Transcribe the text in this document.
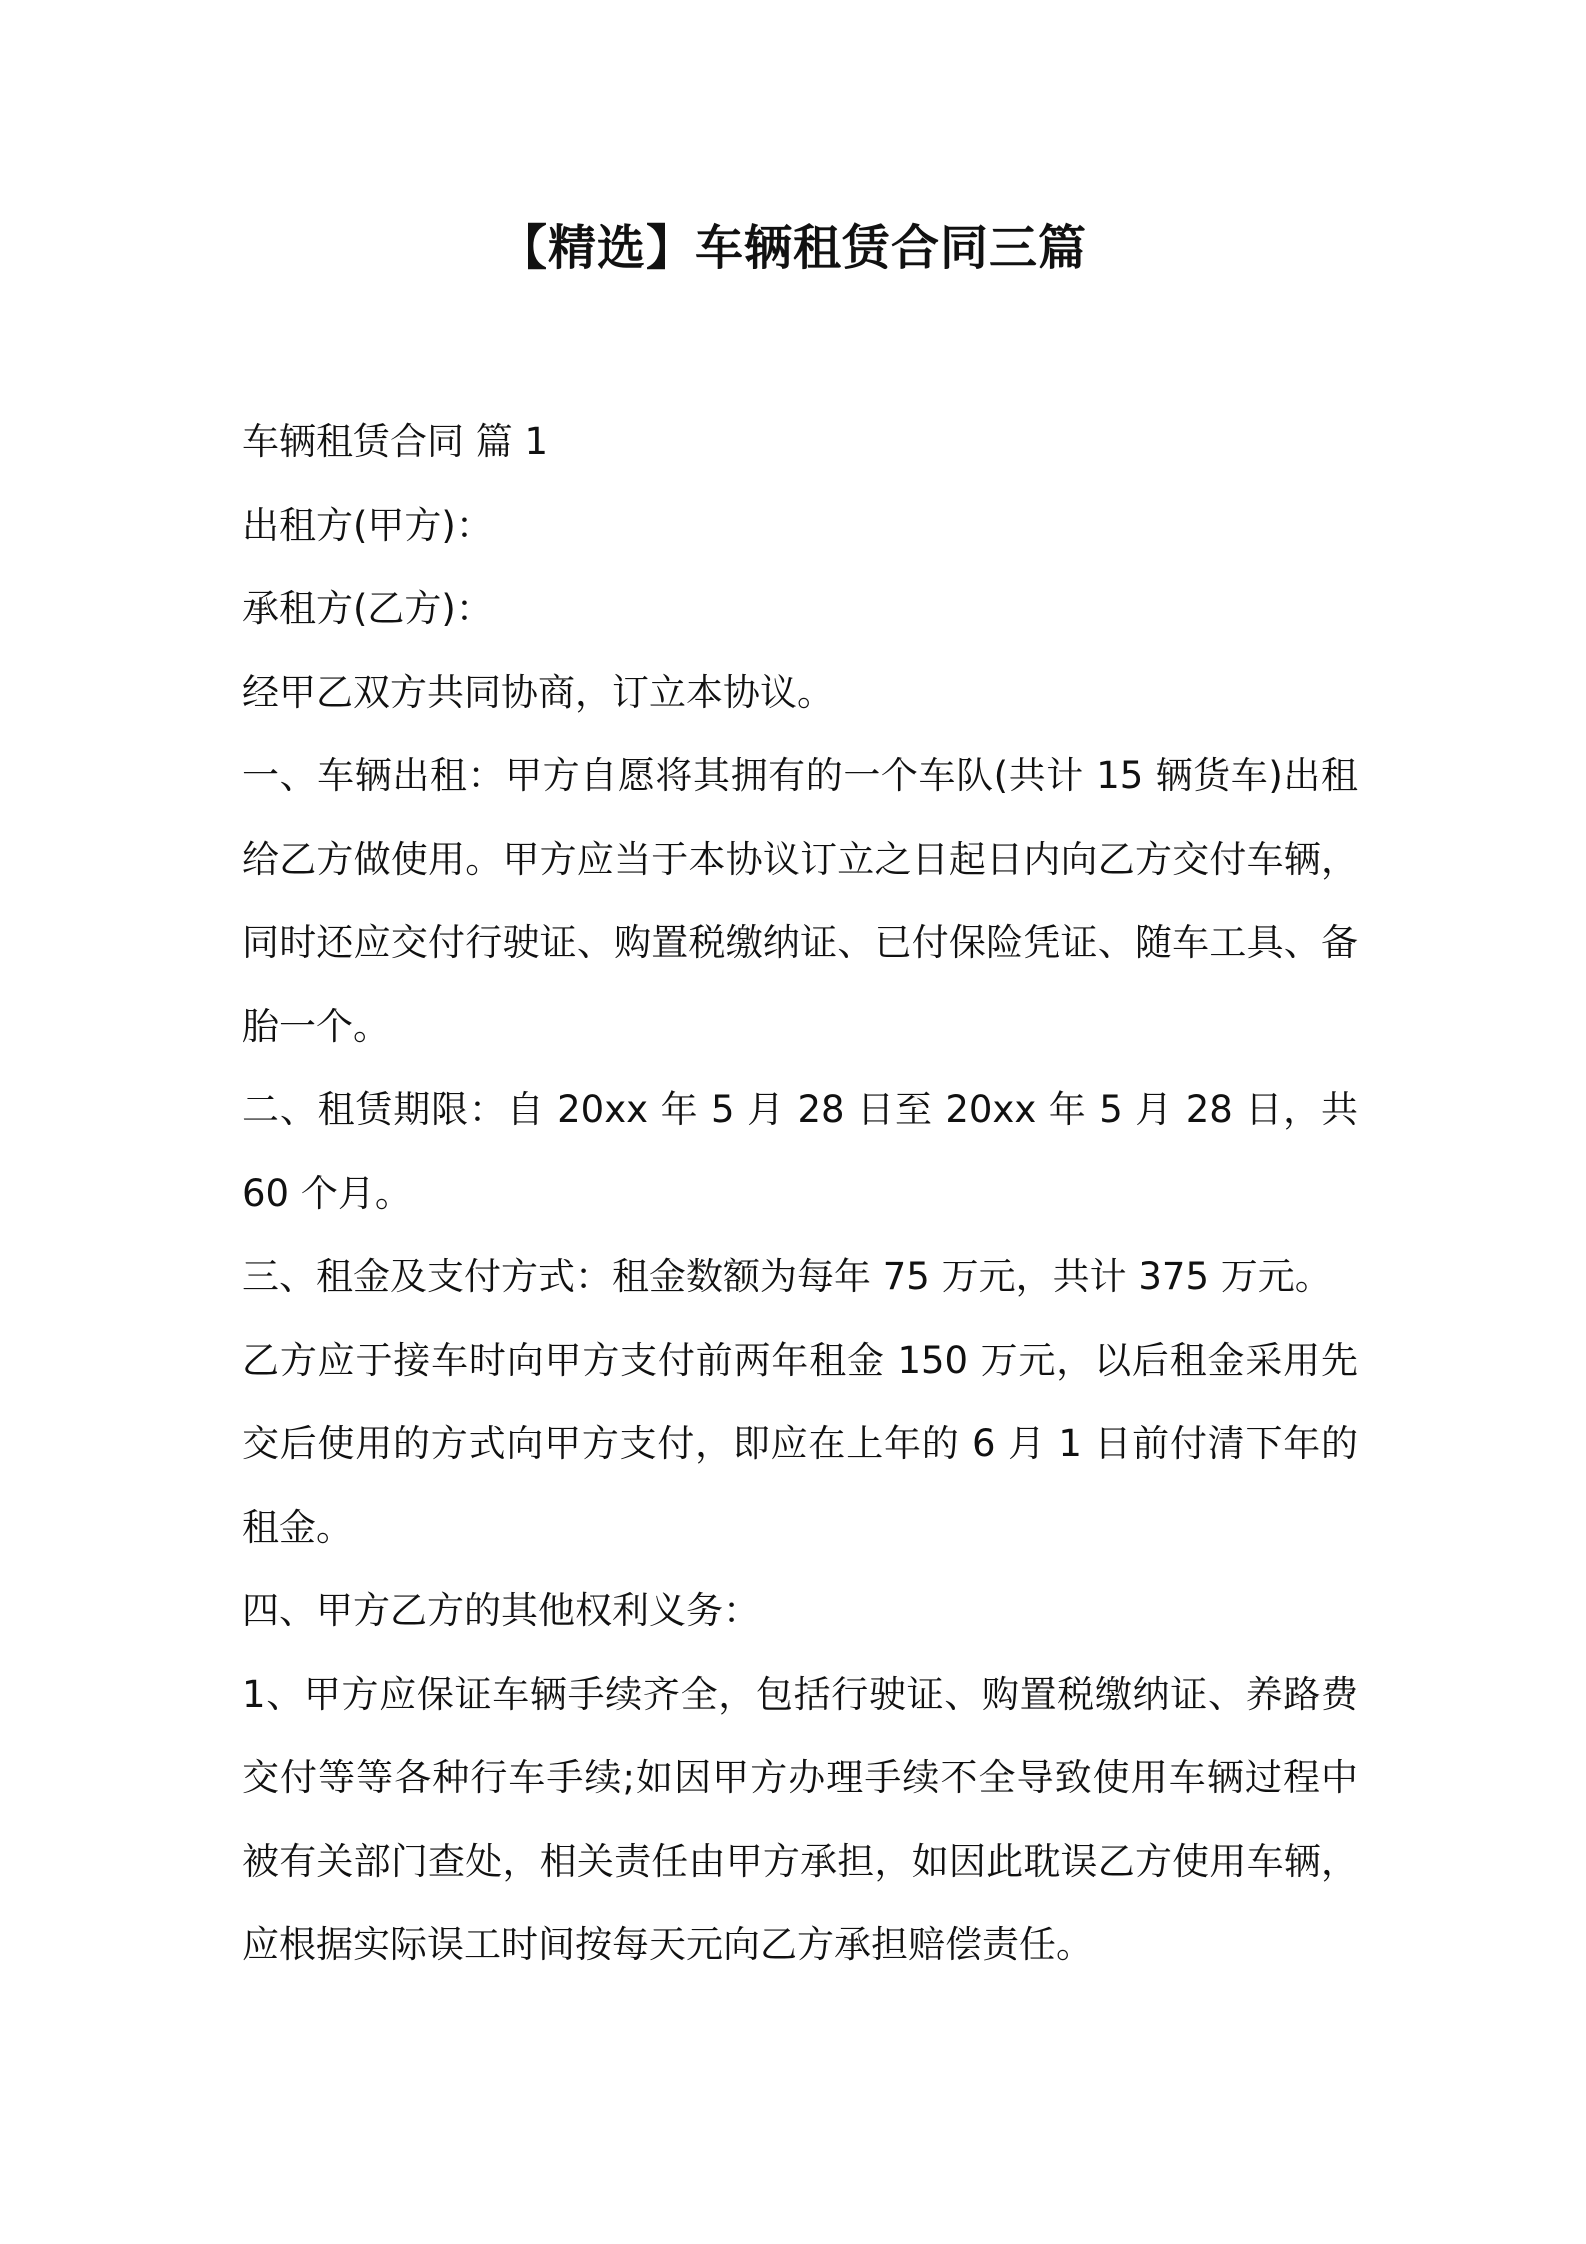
【精选】车辆租赁合同三篇

车辆租赁合同 篇 1

出租方(甲方)：

承租方(乙方)：

经甲乙双方共同协商，订立本协议。

一、车辆出租：甲方自愿将其拥有的一个车队(共计 15 辆货车)出租给乙方做使用。甲方应当于本协议订立之日起日内向乙方交付车辆，同时还应交付行驶证、购置税缴纳证、已付保险凭证、随车工具、备胎一个。

二、租赁期限：自 20xx 年 5 月 28 日至 20xx 年 5 月 28 日，共 60 个月。

三、租金及支付方式：租金数额为每年 75 万元，共计 375 万元。

乙方应于接车时向甲方支付前两年租金 150 万元，以后租金采用先交后使用的方式向甲方支付，即应在上年的 6 月 1 日前付清下年的租金。

四、甲方乙方的其他权利义务：

1、甲方应保证车辆手续齐全，包括行驶证、购置税缴纳证、养路费交付等等各种行车手续;如因甲方办理手续不全导致使用车辆过程中被有关部门查处，相关责任由甲方承担，如因此耽误乙方使用车辆，应根据实际误工时间按每天元向乙方承担赔偿责任。
